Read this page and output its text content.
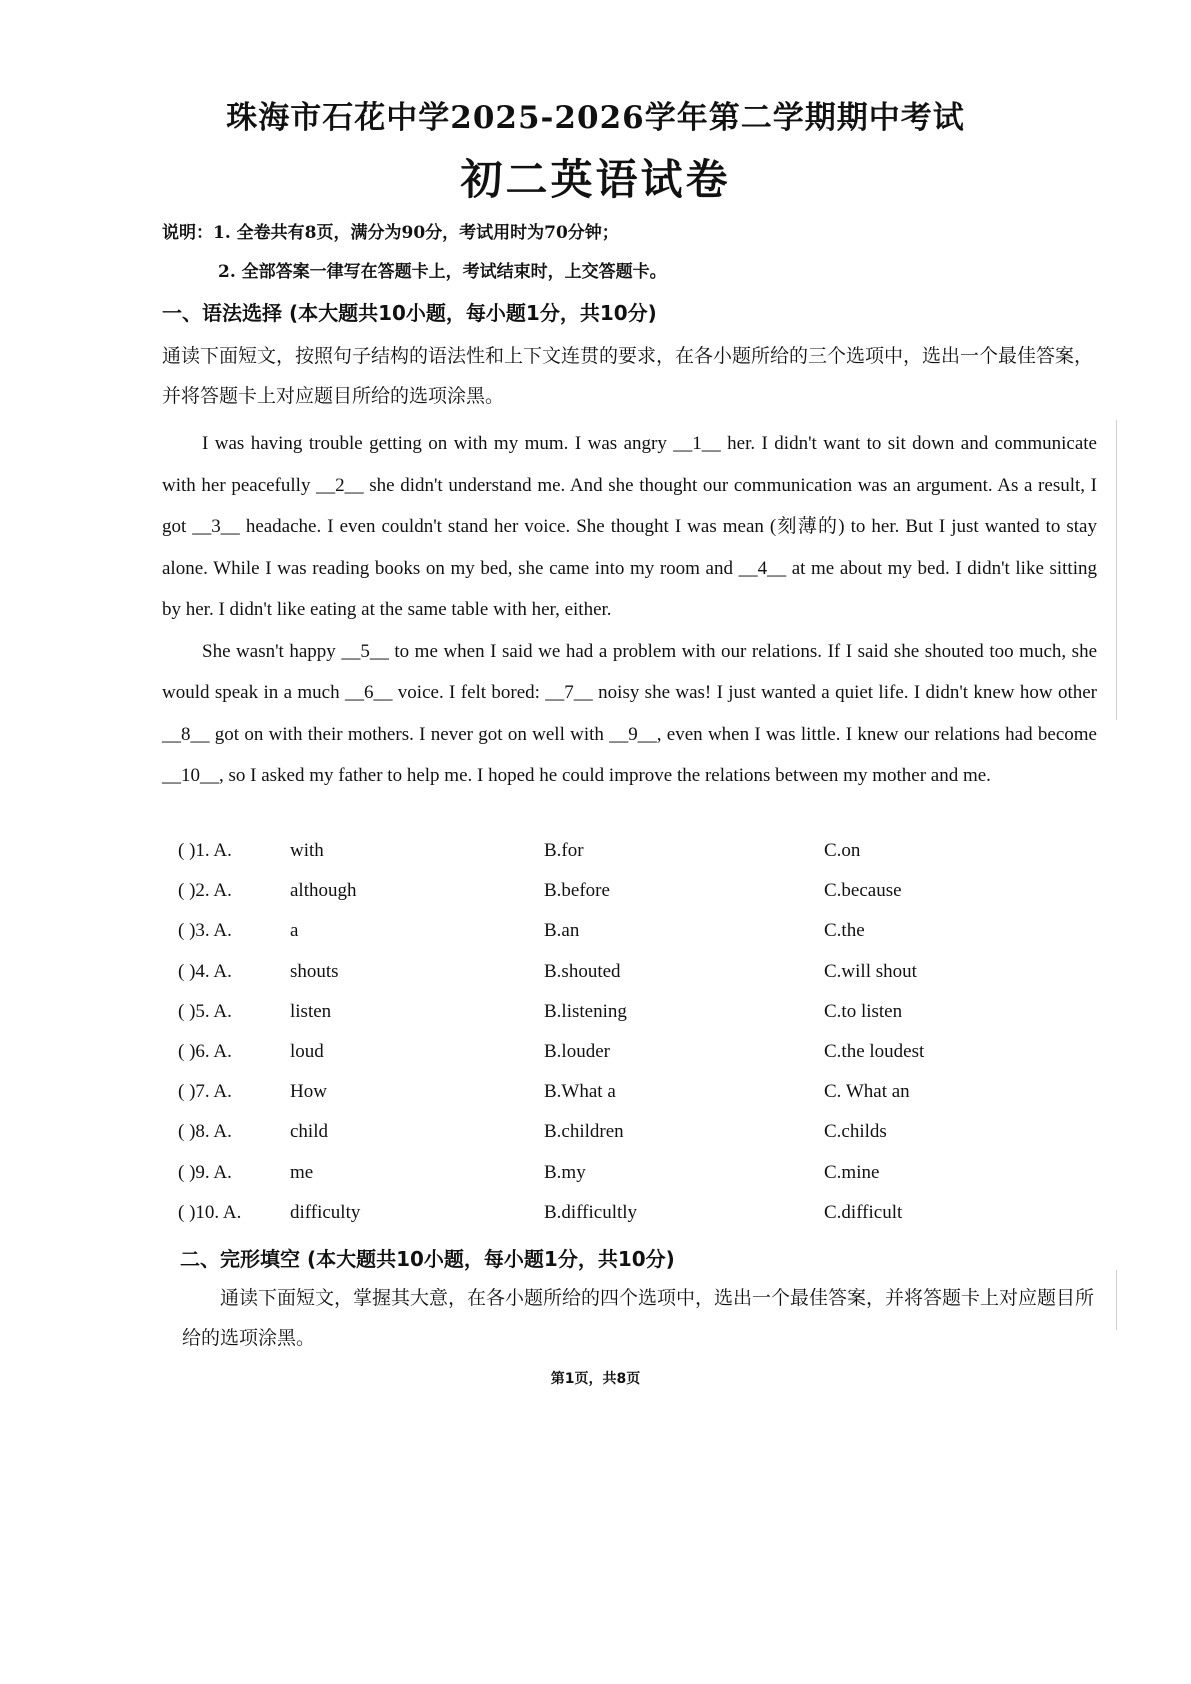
珠海市石花中学2025-2026学年第二学期期中考试
初二英语试卷
说明：1. 全卷共有8页，满分为90分，考试用时为70分钟；
2. 全部答案一律写在答题卡上，考试结束时，上交答题卡。
一、语法选择 (本大题共10小题，每小题1分，共10分)
通读下面短文，按照句子结构的语法性和上下文连贯的要求，在各小题所给的三个选项中，选出一个最佳答案，并将答题卡上对应题目所给的选项涂黑。

I was having trouble getting on with my mum. I was angry __1__ her. I didn't want to sit down and communicate with her peacefully __2__ she didn't understand me. And she thought our communication was an argument. As a result, I got __3__ headache. I even couldn't stand her voice. She thought I was mean (刻薄的) to her. But I just wanted to stay alone. While I was reading books on my bed, she came into my room and __4__ at me about my bed. I didn't like sitting by her. I didn't like eating at the same table with her, either.

She wasn't happy __5__ to me when I said we had a problem with our relations. If I said she shouted too much, she would speak in a much __6__ voice. I felt bored: __7__ noisy she was! I just wanted a quiet life. I didn't knew how other __8__ got on with their mothers. I never got on well with __9__, even when I was little. I knew our relations had become __10__, so I asked my father to help me. I hoped he could improve the relations between my mother and me.

( )1. A.	with	B.for	C.on
( )2. A.	although	B.before	C.because
( )3. A.	a	B.an	C.the
( )4. A.	shouts	B.shouted	C.will shout
( )5. A.	listen	B.listening	C.to listen
( )6. A.	loud	B.louder	C.the loudest
( )7. A.	How	B.What a	C. What an
( )8. A.	child	B.children	C.childs
( )9. A.	me	B.my	C.mine
( )10. A.	difficulty	B.difficultly	C.difficult
二、完形填空 (本大题共10小题，每小题1分，共10分)
通读下面短文，掌握其大意，在各小题所给的四个选项中，选出一个最佳答案，并将答题卡上对应题目所给的选项涂黑。
第1页，共8页
